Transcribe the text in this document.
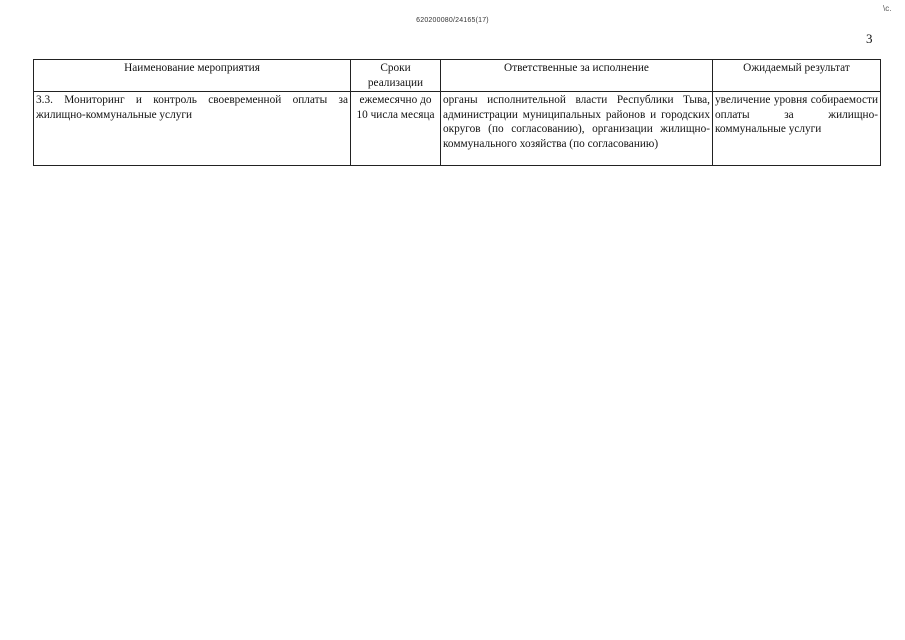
620200080/24165(17)
\c.
3
Наименование мероприятия	Сроки реализации	Ответственные за исполнение	Ожидаемый результат
3.3. Мониторинг и контроль своевременной оплаты за жилищно-коммунальные услуги	ежемесячно до 10 числа месяца	органы исполнительной власти Республики Тыва, администрации муниципальных районов и городских округов (по согласованию), организации жилищно-коммунального хозяйства (по согласованию)	увеличение уровня собираемости оплаты за жилищно-коммунальные услуги
